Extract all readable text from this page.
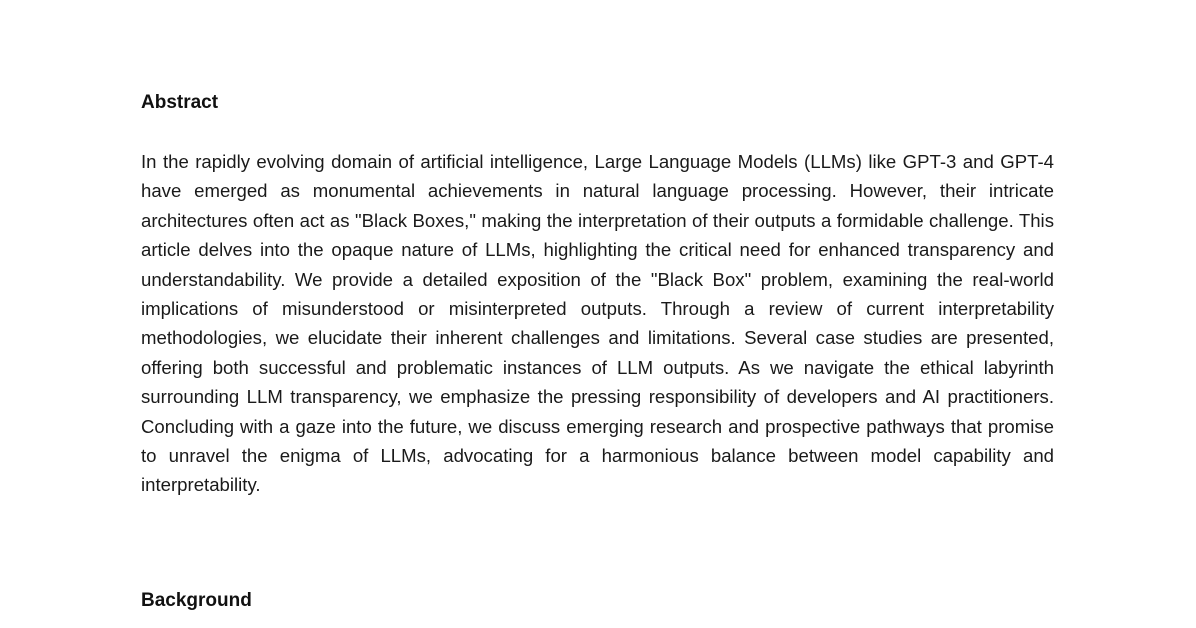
Abstract

In the rapidly evolving domain of artificial intelligence, Large Language Models (LLMs) like GPT-3 and GPT-4 have emerged as monumental achievements in natural language processing. However, their intricate architectures often act as "Black Boxes," making the interpretation of their outputs a formidable challenge. This article delves into the opaque nature of LLMs, highlighting the critical need for enhanced transparency and understandability. We provide a detailed exposition of the "Black Box" problem, examining the real-world implications of misunderstood or misinterpreted outputs. Through a review of current interpretability methodologies, we elucidate their inherent challenges and limitations. Several case studies are presented, offering both successful and problematic instances of LLM outputs. As we navigate the ethical labyrinth surrounding LLM transparency, we emphasize the pressing responsibility of developers and AI practitioners. Concluding with a gaze into the future, we discuss emerging research and prospective pathways that promise to unravel the enigma of LLMs, advocating for a harmonious balance between model capability and interpretability.

Background
